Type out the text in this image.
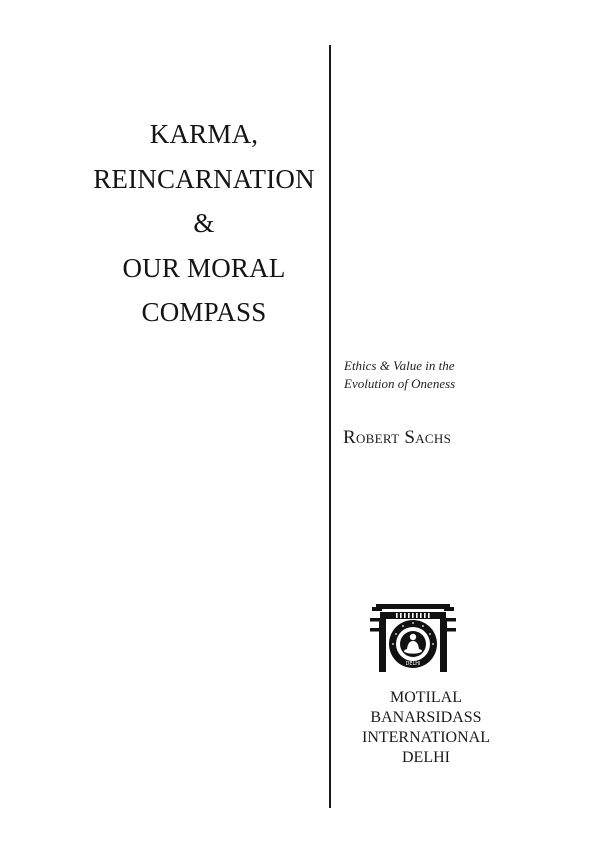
KARMA,
REINCARNATION
&
OUR MORAL
COMPASS
Ethics & Value in the
Evolution of Oneness
Robert Sachs
DELHI
MOTILAL
BANARSIDASS
INTERNATIONAL
DELHI
